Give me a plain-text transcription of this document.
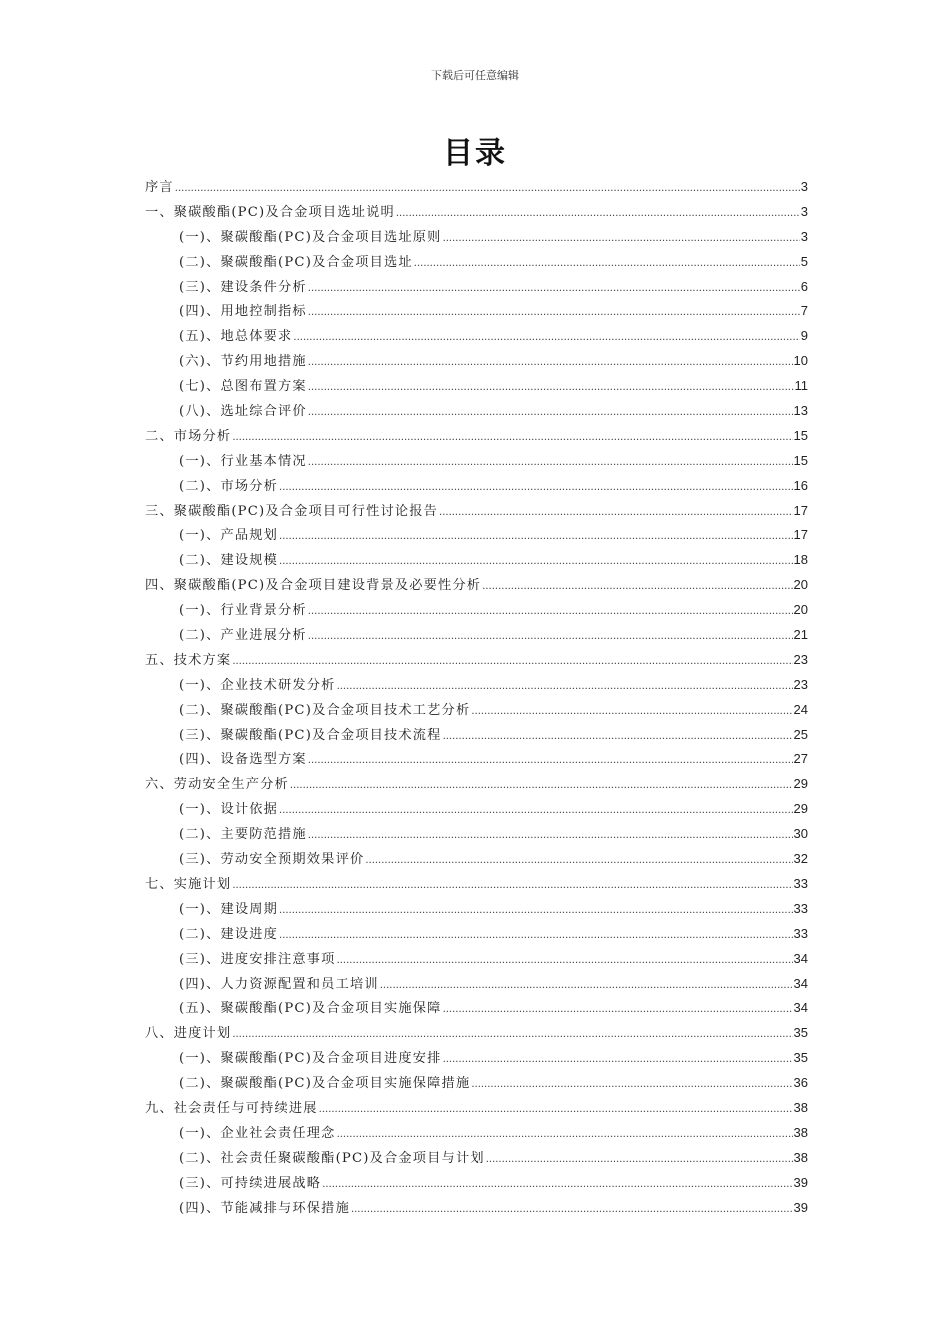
下载后可任意编辑
目录
序言 .....	3
一、聚碳酸酯(PC)及合金项目选址说明 .....	3
(一)、聚碳酸酯(PC)及合金项目选址原则 .....	3
(二)、聚碳酸酯(PC)及合金项目选址 .....	5
(三)、建设条件分析 .....	6
(四)、用地控制指标 .....	7
(五)、地总体要求 .....	9
(六)、节约用地措施 .....	10
(七)、总图布置方案 .....	11
(八)、选址综合评价 .....	13
二、市场分析 .....	15
(一)、行业基本情况 .....	15
(二)、市场分析 .....	16
三、聚碳酸酯(PC)及合金项目可行性讨论报告 .....	17
(一)、产品规划 .....	17
(二)、建设规模 .....	18
四、聚碳酸酯(PC)及合金项目建设背景及必要性分析 .....	20
(一)、行业背景分析 .....	20
(二)、产业进展分析 .....	21
五、技术方案 .....	23
(一)、企业技术研发分析 .....	23
(二)、聚碳酸酯(PC)及合金项目技术工艺分析 .....	24
(三)、聚碳酸酯(PC)及合金项目技术流程 .....	25
(四)、设备选型方案 .....	27
六、劳动安全生产分析 .....	29
(一)、设计依据 .....	29
(二)、主要防范措施 .....	30
(三)、劳动安全预期效果评价 .....	32
七、实施计划 .....	33
(一)、建设周期 .....	33
(二)、建设进度 .....	33
(三)、进度安排注意事项 .....	34
(四)、人力资源配置和员工培训 .....	34
(五)、聚碳酸酯(PC)及合金项目实施保障 .....	34
八、进度计划 .....	35
(一)、聚碳酸酯(PC)及合金项目进度安排 .....	35
(二)、聚碳酸酯(PC)及合金项目实施保障措施 .....	36
九、社会责任与可持续进展 .....	38
(一)、企业社会责任理念 .....	38
(二)、社会责任聚碳酸酯(PC)及合金项目与计划 .....	38
(三)、可持续进展战略 .....	39
(四)、节能减排与环保措施 .....	39
